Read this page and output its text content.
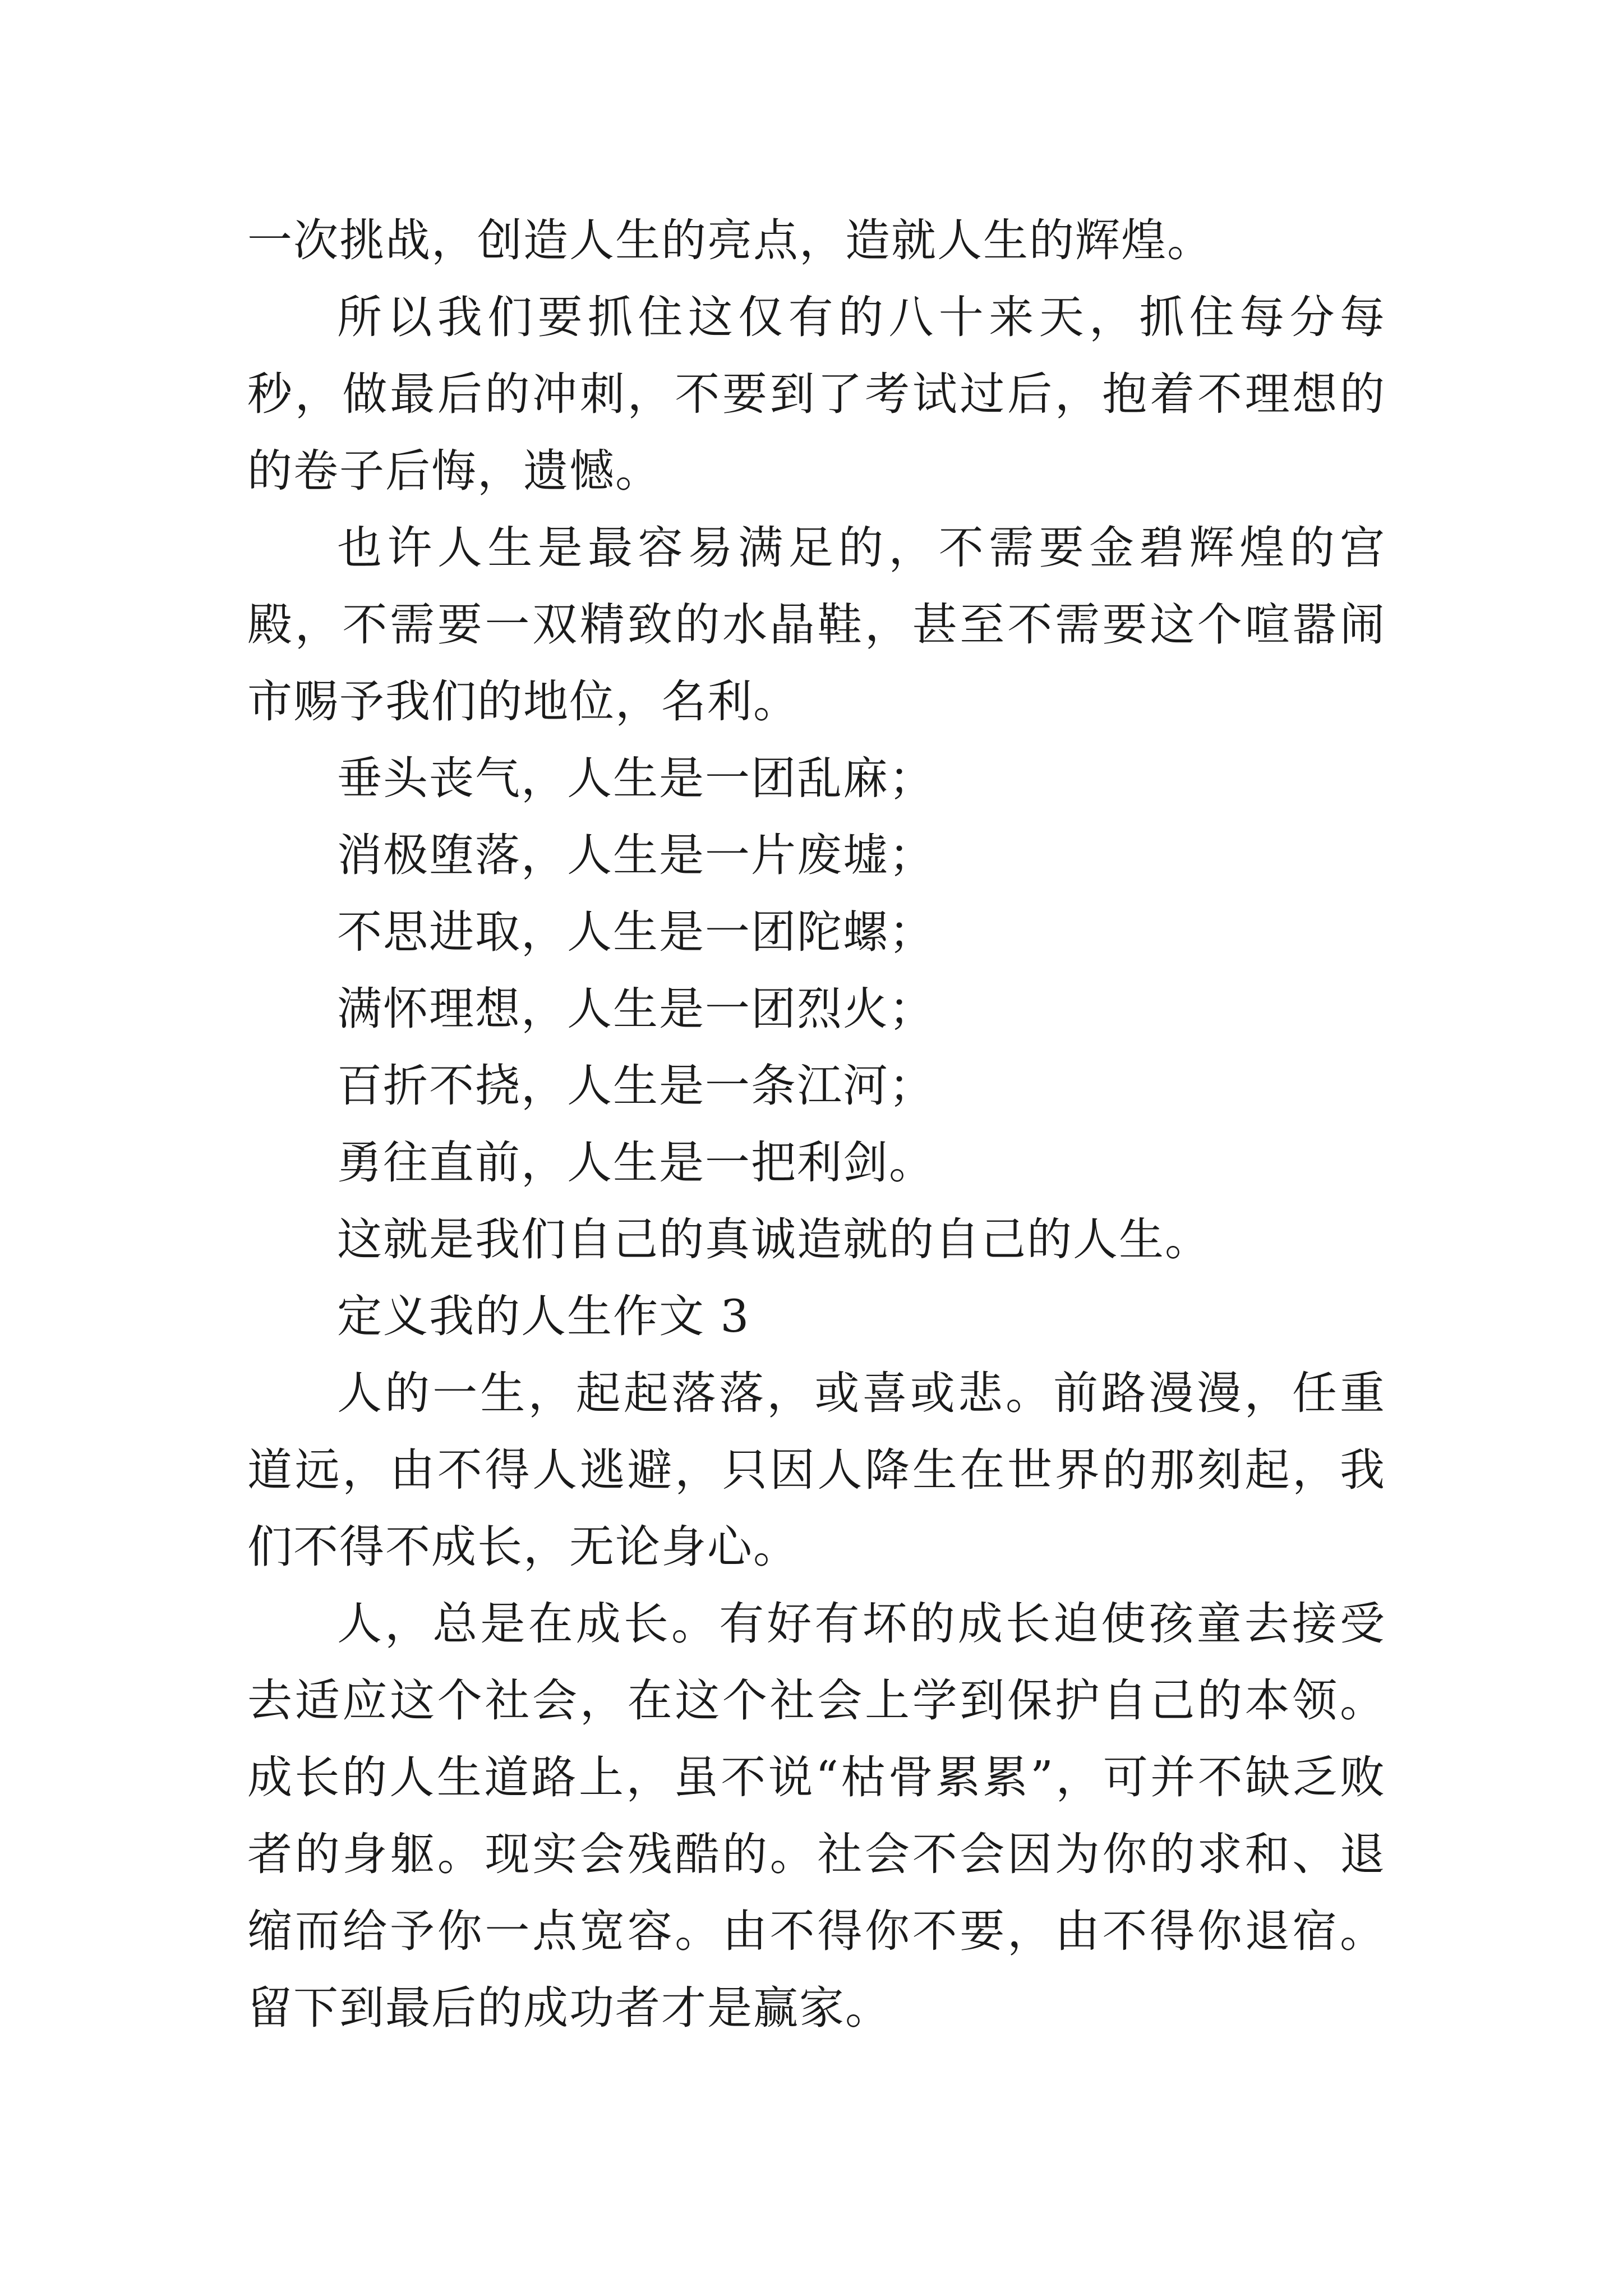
一次挑战，创造人生的亮点，造就人生的辉煌。

所以我们要抓住这仅有的八十来天，抓住每分每秒，做最后的冲刺，不要到了考试过后，抱着不理想的的卷子后悔，遗憾。

也许人生是最容易满足的，不需要金碧辉煌的宫殿，不需要一双精致的水晶鞋，甚至不需要这个喧嚣闹市赐予我们的地位，名利。

垂头丧气，人生是一团乱麻；

消极堕落，人生是一片废墟；

不思进取，人生是一团陀螺；

满怀理想，人生是一团烈火；

百折不挠，人生是一条江河；

勇往直前，人生是一把利剑。

这就是我们自己的真诚造就的自己的人生。

定义我的人生作文 3

人的一生，起起落落，或喜或悲。前路漫漫，任重道远，由不得人逃避，只因人降生在世界的那刻起，我们不得不成长，无论身心。

人，总是在成长。有好有坏的成长迫使孩童去接受去适应这个社会，在这个社会上学到保护自己的本领。成长的人生道路上，虽不说“枯骨累累”，可并不缺乏败者的身躯。现实会残酷的。社会不会因为你的求和、退缩而给予你一点宽容。由不得你不要，由不得你退宿。留下到最后的成功者才是赢家。
